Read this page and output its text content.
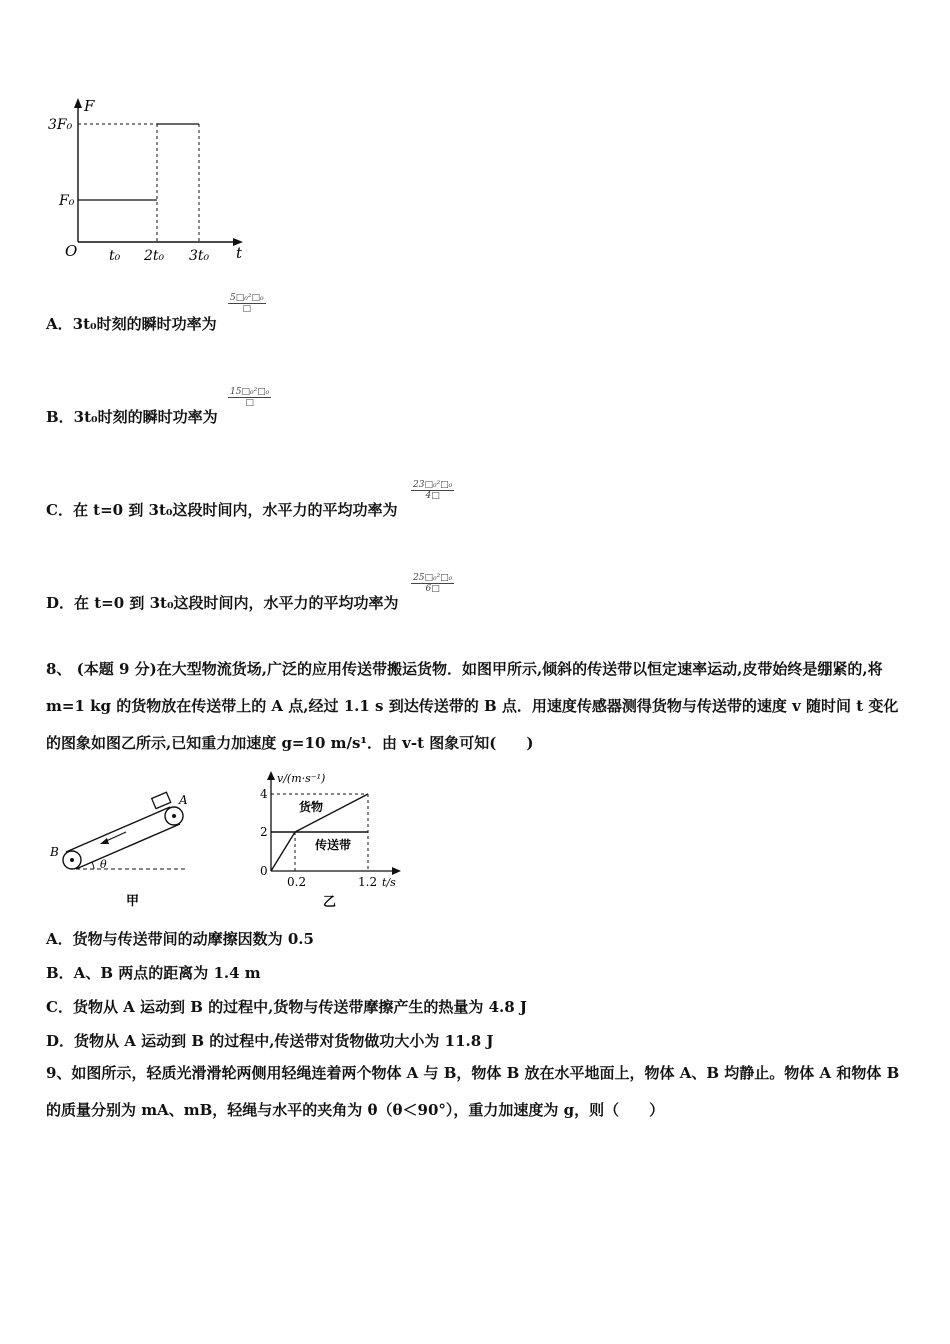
F
3F₀
F₀
O t₀ 2t₀ 3t₀ t
A．3t₀时刻的瞬时功率为
5□₀²□₀
□
B．3t₀时刻的瞬时功率为
15□₀²□₀
□
C．在 t=0 到 3t₀这段时间内，水平力的平均功率为
$\frac{\text{23□₀²□₀}}{4□}$
D．在 t=0 到 3t₀这段时间内，水平力的平均功率为
$\frac{\text{25□₀²□₀}}{6□}$
8、 (本题 9 分)在大型物流货场,广泛的应用传送带搬运货物．如图甲所示,倾斜的传送带以恒定速率运动,皮带始终是绷紧的,将 m=1 kg 的货物放在传送带上的 A 点,经过 1.1 s 到达传送带的 B 点．用速度传感器测得货物与传送带的速度 v 随时间 t 变化的图象如图乙所示,已知重力加速度 g=10 m/s¹．由 v-t 图象可知(　　)
A
B
θ
甲
v/(m·s⁻¹)
4
2
0
0.2	1.2 t/s
货物
传送带
乙
A．货物与传送带间的动摩擦因数为 0.5
B．A、B 两点的距离为 1.4 m
C．货物从 A 运动到 B 的过程中,货物与传送带摩擦产生的热量为 4.8 J
D．货物从 A 运动到 B 的过程中,传送带对货物做功大小为 11.8 J
9、如图所示，轻质光滑滑轮两侧用轻绳连着两个物体 A 与 B，物体 B 放在水平地面上，物体 A、B 均静止。物体 A 和物体 B 的质量分别为 mA、mB，轻绳与水平的夹角为 θ（θ＜90°），重力加速度为 g，则（　　）
